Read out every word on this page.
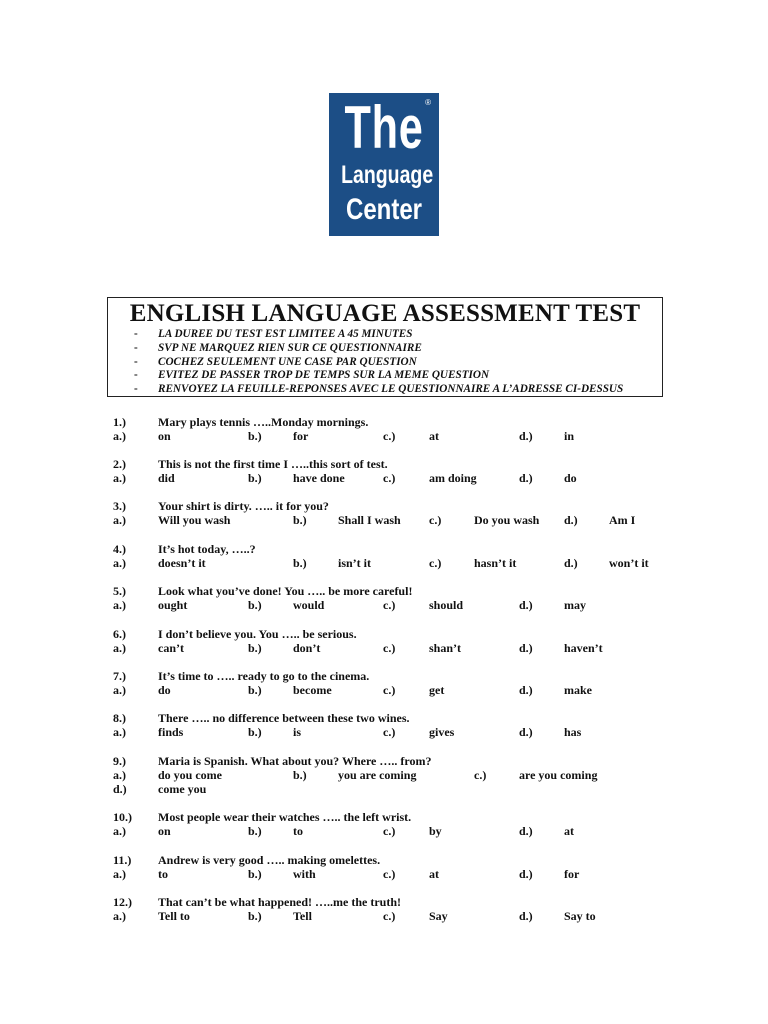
The
Language
Center
®
ENGLISH LANGUAGE ASSESSMENT TEST
- LA DUREE DU TEST EST LIMITEE A 45 MINUTES
- SVP NE MARQUEZ RIEN SUR CE QUESTIONNAIRE
- COCHEZ SEULEMENT UNE CASE PAR QUESTION
- EVITEZ DE PASSER TROP DE TEMPS SUR LA MEME QUESTION
- RENVOYEZ LA FEUILLE-REPONSES AVEC LE QUESTIONNAIRE A L’ADRESSE CI-DESSUS
1.)	Mary plays tennis …..Monday mornings.
a.)	on	b.)	for	c.)	at	d.)	in
2.)	This is not the first time I …..this sort of test.
a.)	did	b.)	have done	c.)	am doing	d.)	do
3.)	Your shirt is dirty. ….. it for you?
a.)	Will you wash	b.)	Shall I wash c.)	Do you wash d.)	Am I
4.)	It’s hot today, …..?
a.)	doesn’t it	b.)	isn’t it	c.)	hasn’t it	d.)	won’t it
5.)	Look what you’ve done! You ….. be more careful!
a.)	ought	b.)	would	c.)	should	d.)	may
6.)	I don’t believe you. You ….. be serious.
a.)	can’t	b.)	don’t	c.)	shan’t	d.)	haven’t
7.)	It’s time to ….. ready to go to the cinema.
a.)	do	b.)	become	c.)	get	d.)	make
8.)	There ….. no difference between these two wines.
a.)	finds	b.)	is	c.)	gives	d.)	has
9.)	Maria is Spanish. What about you? Where ….. from?
a.)	do you come	b.)	you are coming	c.)	are you coming
d.)	come you
10.) Most people wear their watches ….. the left wrist.
a.)	on	b.)	to	c.)	by	d.)	at
11.) Andrew is very good ….. making omelettes.
a.)	to	b.)	with	c.)	at	d.)	for
12.) That can’t be what happened! …..me the truth!
a.)	Tell to	b.)	Tell	c.)	Say	d.)	Say to
